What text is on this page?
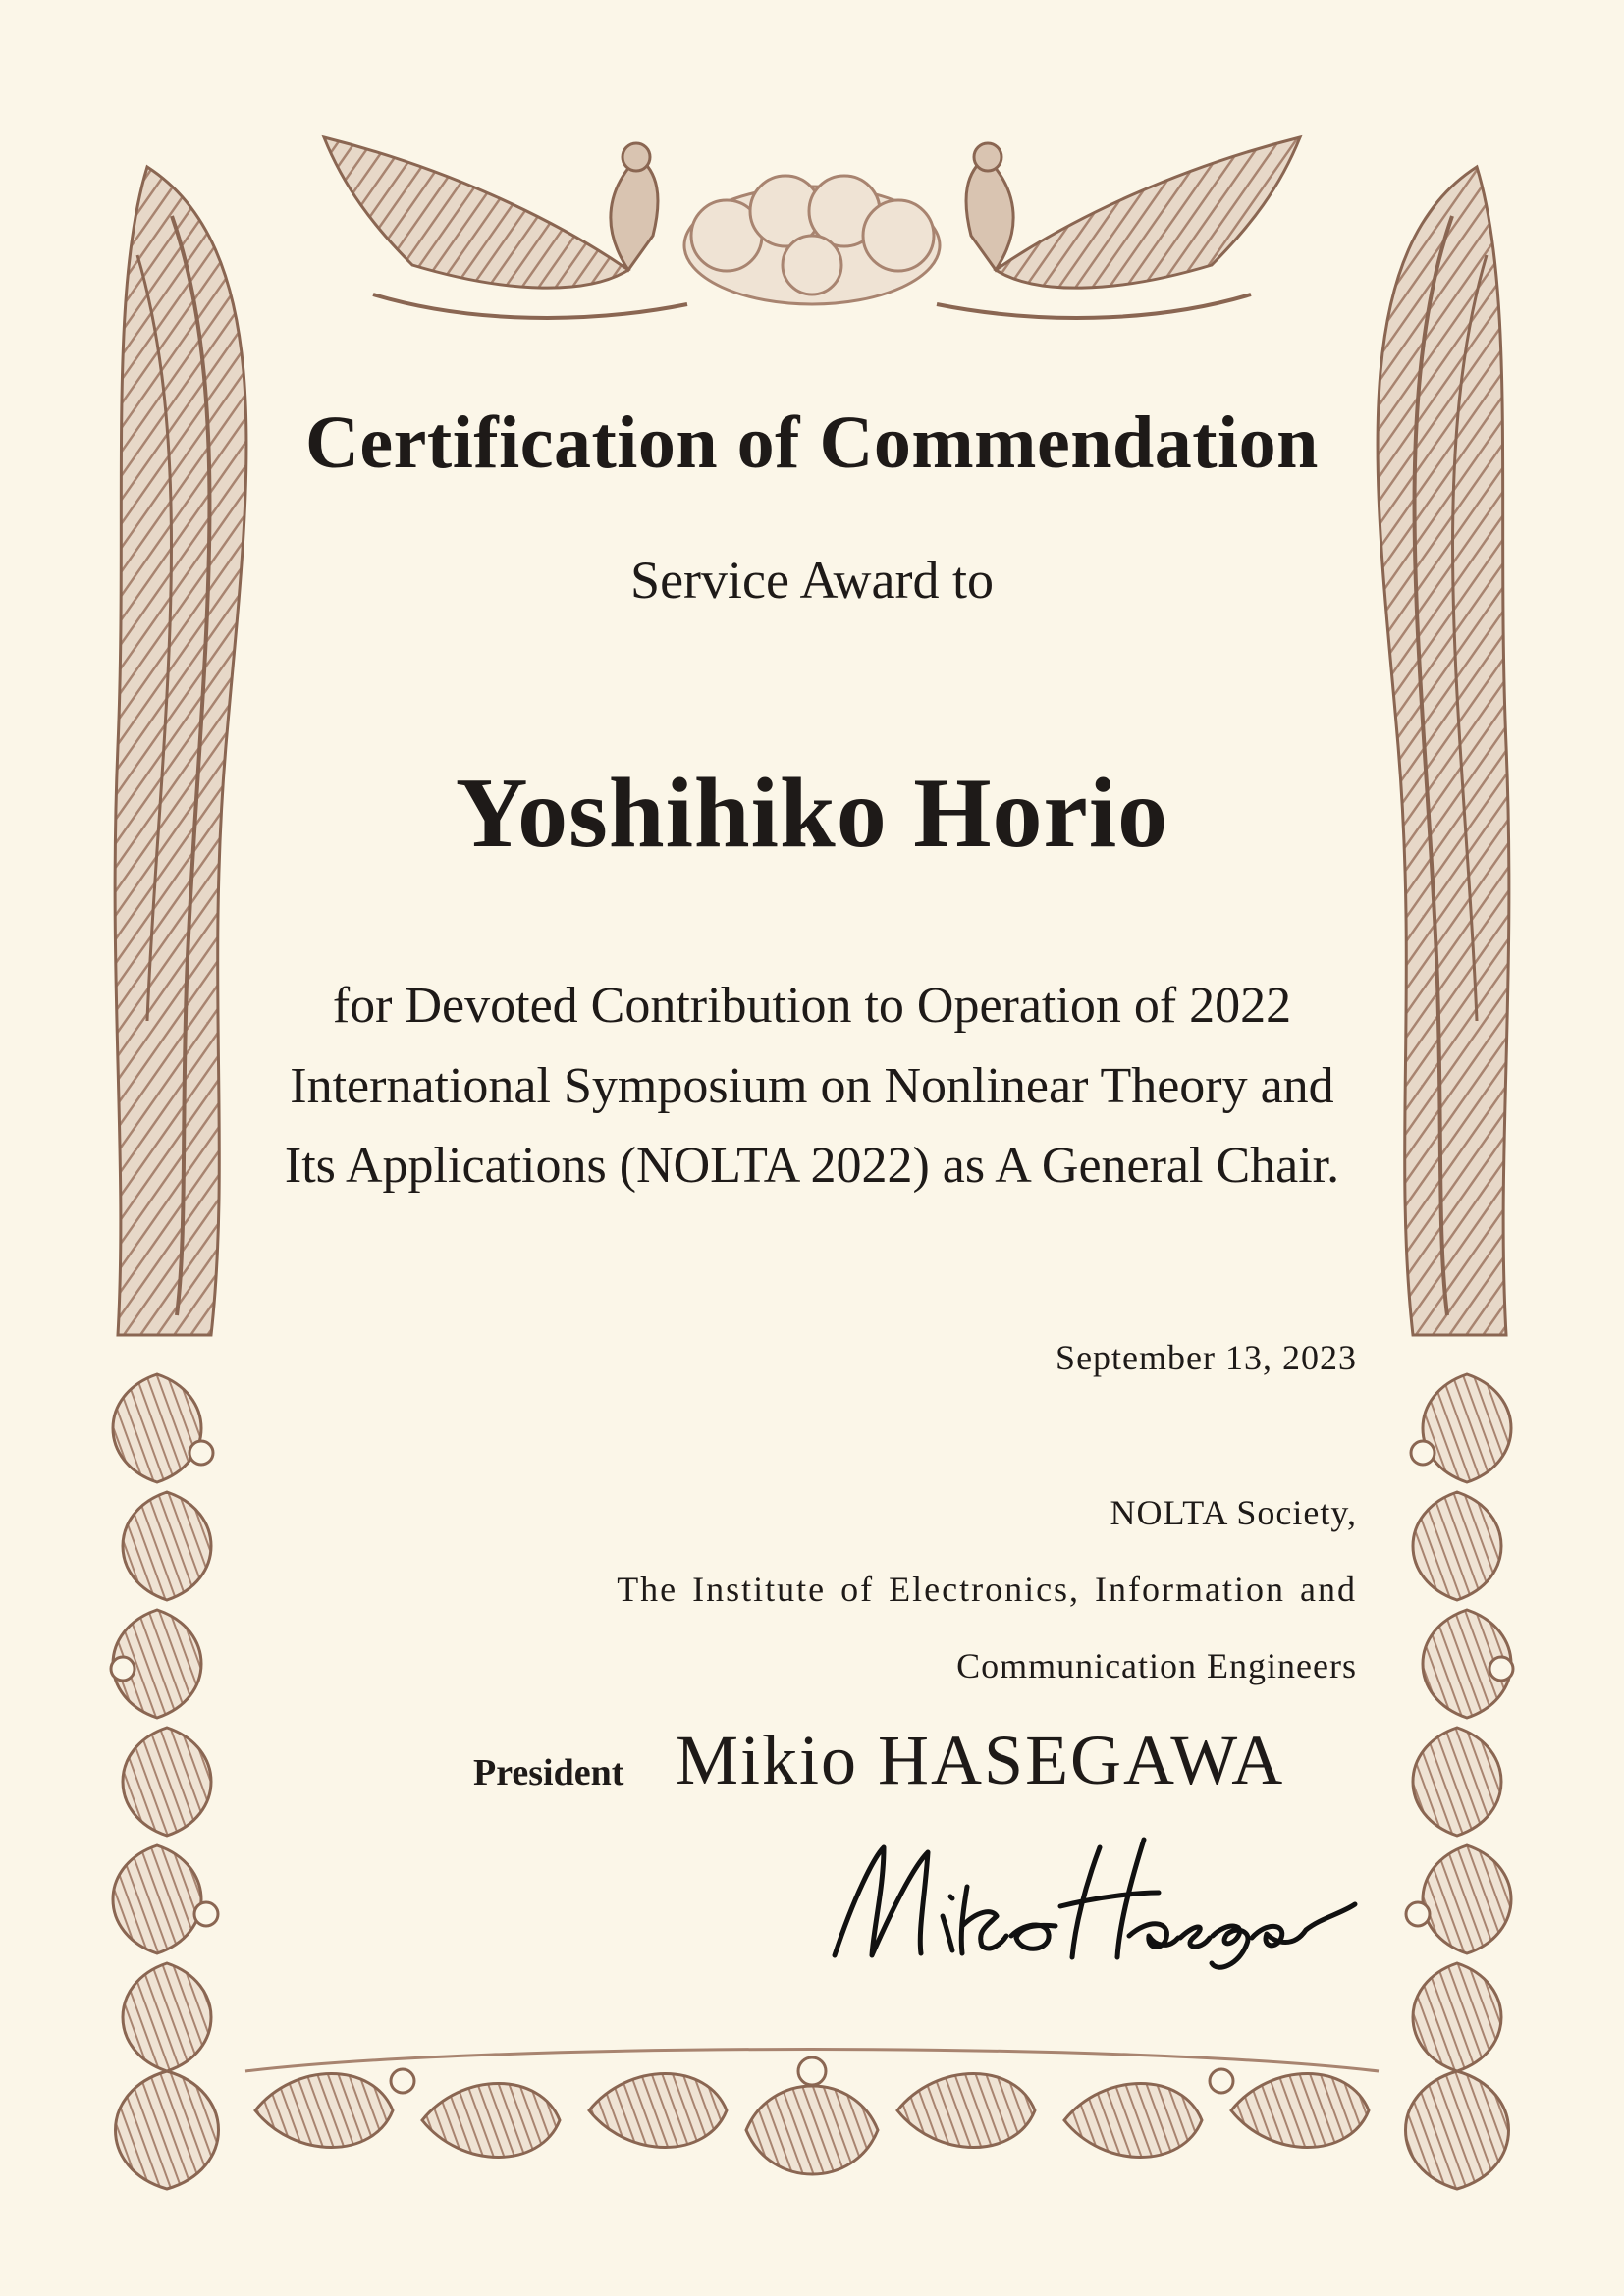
Certification of Commendation

Service Award to

Yoshihiko Horio

for Devoted Contribution to Operation of 2022

International Symposium on Nonlinear Theory and

Its Applications (NOLTA 2022) as A General Chair.

September 13, 2023

NOLTA Society,

The Institute of Electronics, Information and

Communication Engineers

President Mikio HASEGAWA
